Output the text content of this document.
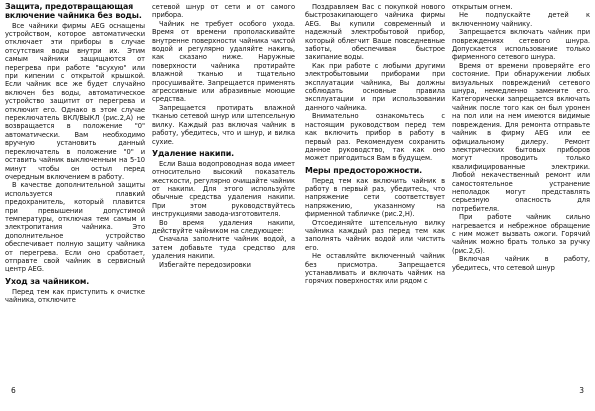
Защита, предотвращающая включение чайника без воды.

Все чайники фирмы AEG оснащены устройством, которое автоматически отключает эти приборы в случае отсутствия воды внутри их. Этим самым чайники защищаются от перегрева при работе "всухую" или при кипении с открытой крышкой. Если чайник все же будет случайно включен без воды, автоматическое устройство защитит от перегрева и отключит его. Однако в этом случае переключатель ВКЛ/ВЫКЛ (рис.2,А) не возвращается в положение "0" автоматически. Вам необходимо вручную установить данный переключатель в положение "0" и оставить чайник выключенным на 5-10 минут чтобы он остыл перед очередным включением в работу.

В качестве дополнительной защиты используется плавкий предохранитель, который плавится при превышении допустимой температуры, отключая тем самым и электропитания чайника. Это дополнительное устройство обеспечивает полную защиту чайника от перегрева. Если оно сработает, отправте свой чайник в сервисный центр AEG.

Уход за чайником.

Перед тем как приступить к очистке чайника, отключите

сетевой шнур от сети и от самого прибора.

Чайник не требует особого ухода. Время от времени прополаскивайте внутренне поверхности чайника чистой водой и регулярно удаляйте накипь, как сказано ниже. Наружные поверхности чайника протирайте влажной тканью и тщательно просушивайте. Запрещается применять агрессивные или абразивные моющие средства.

Запрещается протирать влажной тканью сетевой шнур или штепсельную вилку. Каждый раз включая чайник в работу, убедитесь, что и шнур, и вилка сухие.

Удаление накипи.

Если Ваша водопроводная вода имеет относительно высокий показатель жесткости, регулярно очищайте чайник от накипи. Для этого используйте обычные средства удаления накипи. При этом руководствуйтесь инструкциями завода-изготовителя.

Во время удаления накипи, действуйте чайником на следующее:

Сначала заполните чайник водой, а затем добавьте туда средство для удаления накипи.

Избегайте передозировки

6

Поздравляем Вас с покупкой нового быстрозакипающего чайника фирмы AEG. Вы купили современный и надежный электробытовой прибор, который облегчит Ваше повседневные заботы, обеспечивая быстрое закипание воды.

Как при работе с любыми другими электробытовыми приборами при эксплуатации чайника, Вы должны соблюдать основные правила эксплуатации и при использовании данного чайника.

Внимательно ознакомьтесь с настоящим руководством перед тем как включить прибор в работу в первый раз. Рекомендуем сохранить данное руководство, так как оно может пригодиться Вам в будущем.

Меры предосторожности.

Перед тем как включить чайник в работу в первый раз, убедитесь, что напряжение сети соответствует напряжению, указанному на фирменной табличке (рис.2,Н).

Отсоединяйте штепсельную вилку чайника каждый раз перед тем как заполнять чайник водой или чистить его.

Не оставляйте включенный чайник без присмотра. Запрещается устанавливать и включать чайник на горячих поверхностях или рядом с

открытым огнем.

Не подпускайте детей к включенному чайнику.

Запрещается включать чайник при повреждениях сетевого шнура. Допускается использование только фирменного сетевого шнура.

Время от времени проверяйте его состояние. При обнаружении любых визуальных повреждений сетевого шнура, немедленно замените его. Категорически запрещается включать чайник после того как он был уронен на пол или на нем имеются видимые повреждения. Для ремонта отправьте чайник в фирму AEG или ее официальному дилеру. Ремонт электрических бытовых приборов могут проводить только квалифицированные электрики. Любой некачественный ремонт или самостоятельное устранение неполадок могут представлять серьезную опасность для потребителя.

При работе чайник сильно нагревается и небрежное обращение с ним может вызвать ожоги. Горячий чайник можно брать только за ручку (рис.2,G).

Включая чайник в работу, убедитесь, что сетевой шнур

3
